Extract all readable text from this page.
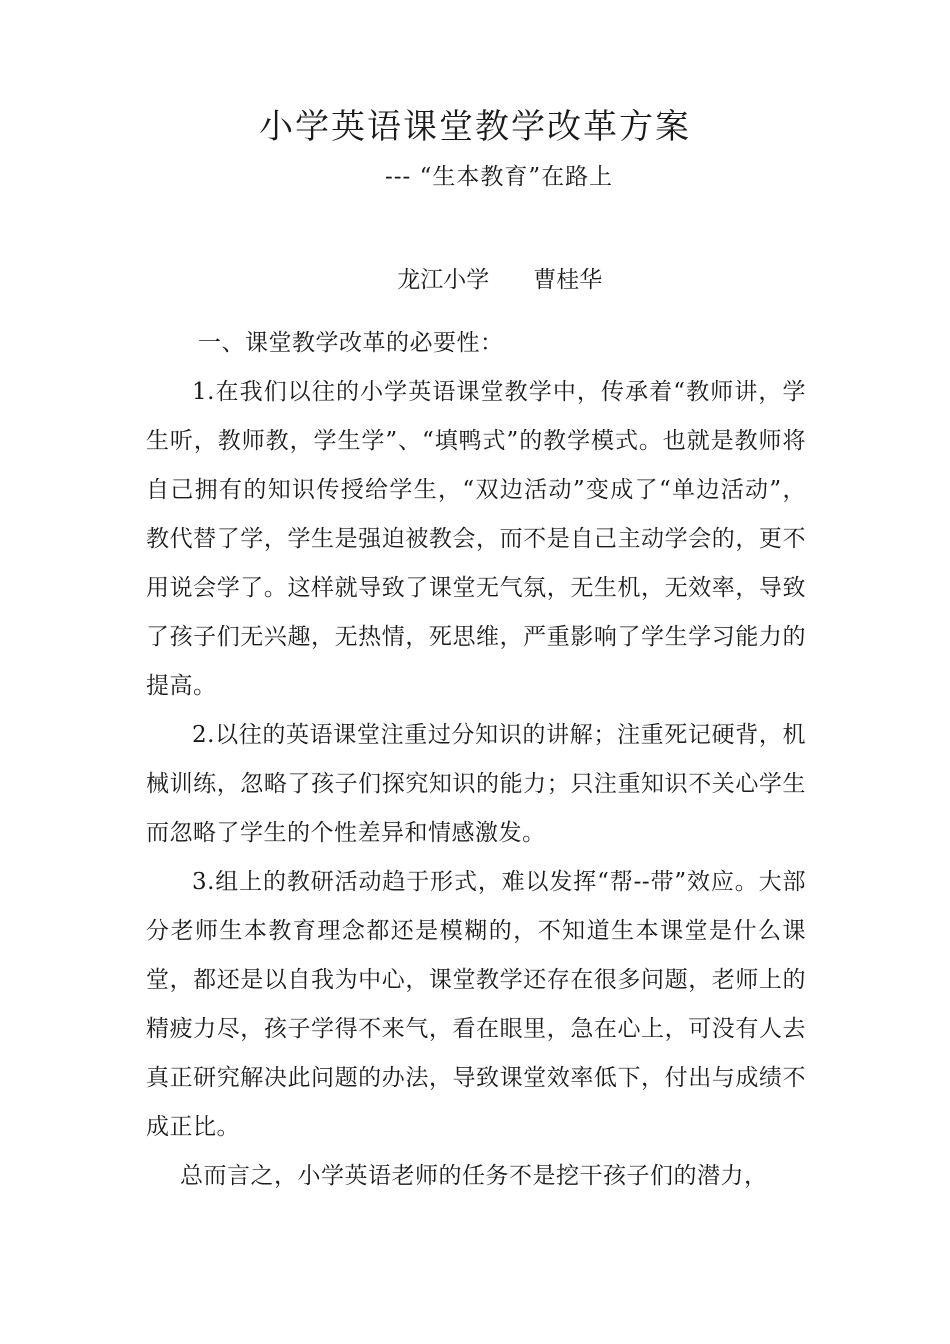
小学英语课堂教学改革方案
--- “生本教育”在路上

龙江小学 曹桂华

一、课堂教学改革的必要性：

1.在我们以往的小学英语课堂教学中，传承着“教师讲，学生听，教师教，学生学”、“填鸭式”的教学模式。也就是教师将自己拥有的知识传授给学生，“双边活动”变成了“单边活动”，教代替了学，学生是强迫被教会，而不是自己主动学会的，更不用说会学了。这样就导致了课堂无气氛，无生机，无效率，导致了孩子们无兴趣，无热情，死思维，严重影响了学生学习能力的提高。

2.以往的英语课堂注重过分知识的讲解；注重死记硬背，机械训练，忽略了孩子们探究知识的能力；只注重知识不关心学生而忽略了学生的个性差异和情感激发。

3.组上的教研活动趋于形式，难以发挥“帮--带”效应。大部分老师生本教育理念都还是模糊的，不知道生本课堂是什么课堂，都还是以自我为中心，课堂教学还存在很多问题，老师上的精疲力尽，孩子学得不来气，看在眼里，急在心上，可没有人去真正研究解决此问题的办法，导致课堂效率低下，付出与成绩不成正比。

总而言之，小学英语老师的任务不是挖干孩子们的潜力，
